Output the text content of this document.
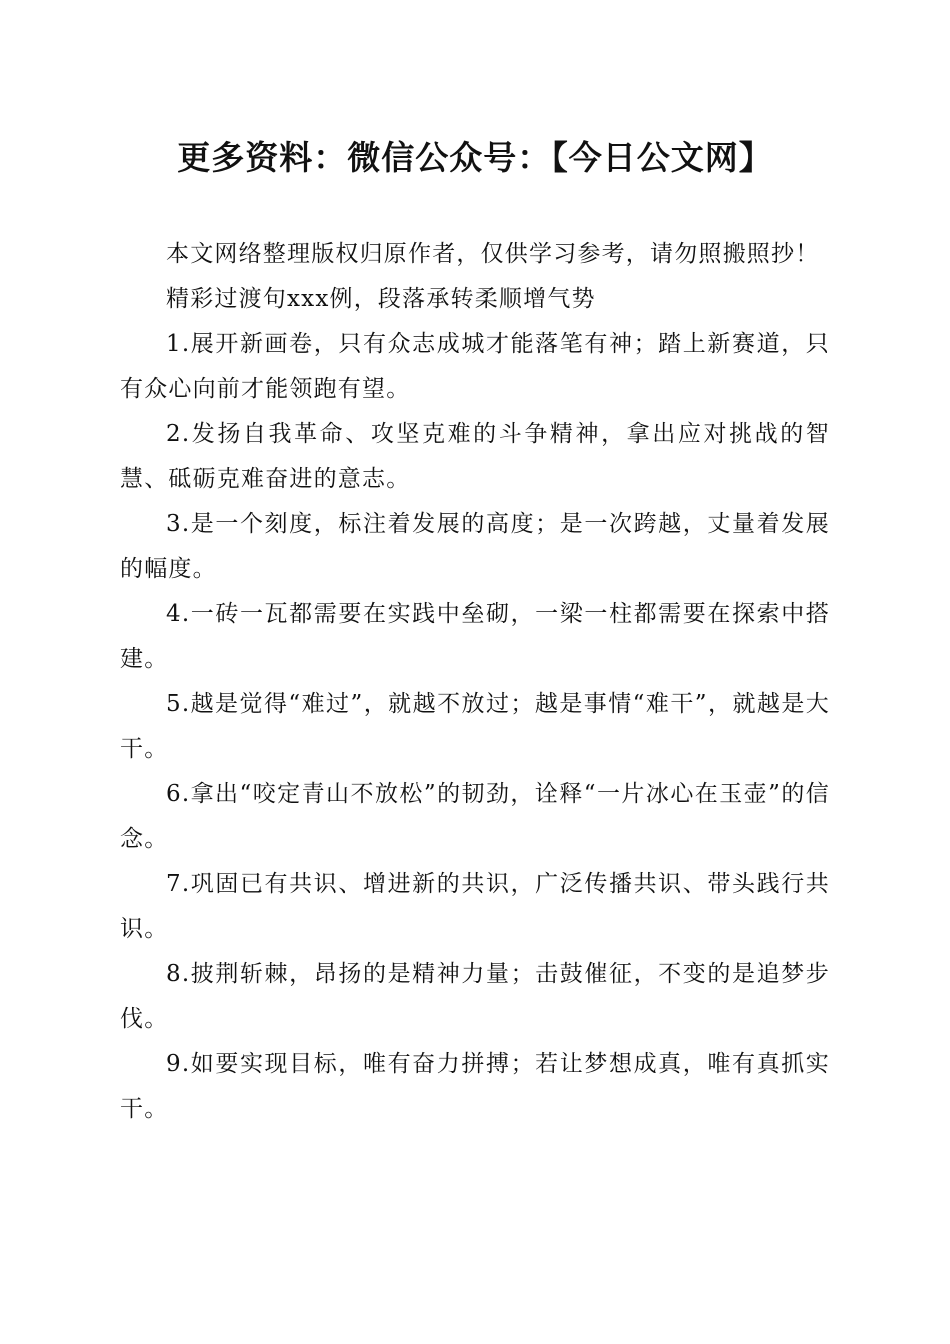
更多资料：微信公众号：【今日公文网】

本文网络整理版权归原作者，仅供学习参考，请勿照搬照抄！

精彩过渡句xxx例，段落承转柔顺增气势

1.展开新画卷，只有众志成城才能落笔有神；踏上新赛道，只有众心向前才能领跑有望。

2.发扬自我革命、攻坚克难的斗争精神，拿出应对挑战的智慧、砥砺克难奋进的意志。

3.是一个刻度，标注着发展的高度；是一次跨越，丈量着发展的幅度。

4.一砖一瓦都需要在实践中垒砌，一梁一柱都需要在探索中搭建。

5.越是觉得“难过”，就越不放过；越是事情“难干”，就越是大干。

6.拿出“咬定青山不放松”的韧劲，诠释“一片冰心在玉壶”的信念。

7.巩固已有共识、增进新的共识，广泛传播共识、带头践行共识。

8.披荆斩棘，昂扬的是精神力量；击鼓催征，不变的是追梦步伐。

9.如要实现目标，唯有奋力拼搏；若让梦想成真，唯有真抓实干。
